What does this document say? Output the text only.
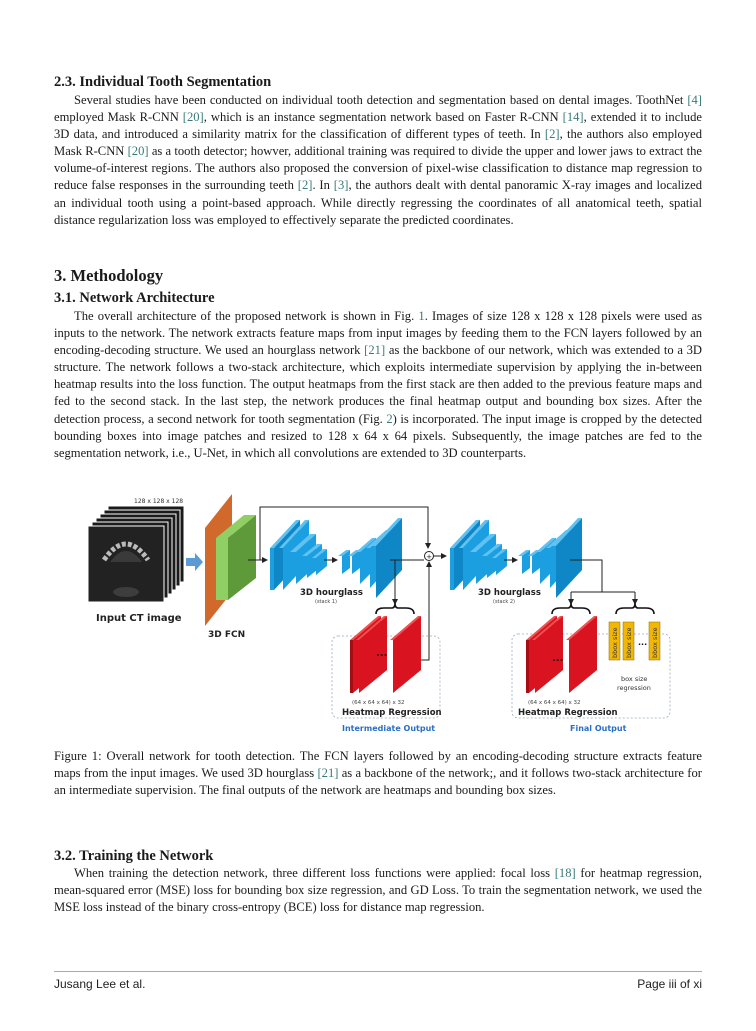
2.3. Individual Tooth Segmentation

Several studies have been conducted on individual tooth detection and segmentation based on dental images. ToothNet [4] employed Mask R-CNN [20], which is an instance segmentation network based on Faster R-CNN [14], extended it to include 3D data, and introduced a similarity matrix for the classification of different types of teeth. In [2], the authors also employed Mask R-CNN [20] as a tooth detector; howver, additional training was required to divide the upper and lower jaws to extract the volume-of-interest regions. The authors also proposed the conversion of pixel-wise classification to distance map regression to reduce false responses in the surrounding teeth [2]. In [3], the authors dealt with dental panoramic X-ray images and localized an individual tooth using a point-based approach. While directly regressing the coordinates of all anatomical teeth, spatial distance regularization loss was employed to effectively separate the predicted coordinates.

3. Methodology
3.1. Network Architecture

The overall architecture of the proposed network is shown in Fig. 1. Images of size 128 x 128 x 128 pixels were used as inputs to the network. The network extracts feature maps from input images by feeding them to the FCN layers followed by an encoding-decoding structure. We used an hourglass network [21] as the backbone of our network, which was extended to a 3D structure. The network follows a two-stack architecture, which exploits intermediate supervision by applying the in-between heatmap results into the loss function. The output heatmaps from the first stack are then added to the previous feature maps and fed to the second stack. In the last step, the network produces the final heatmap output and bounding box sizes. After the detection process, a second network for tooth segmentation (Fig. 2) is incorporated. The input image is cropped by the detected bounding boxes into image patches and resized to 128 x 64 x 64 pixels. Subsequently, the image patches are fed to the segmentation network, i.e., U-Net, in which all convolutions are extended to 3D counterparts.

Figure 1: Overall network for tooth detection. The FCN layers followed by an encoding-decoding structure extracts feature maps from the input images. We used 3D hourglass [21] as a backbone of the network;, and it follows two-stack architecture for an intermediate supervision. The final outputs of the network are heatmaps and bounding box sizes.

3.2. Training the Network

When training the detection network, three different loss functions were applied: focal loss [18] for heatmap regression, mean-squared error (MSE) loss for bounding box size regression, and GD Loss. To train the segmentation network, we used the MSE loss instead of the binary cross-entropy (BCE) loss for distance map regression.

128 x 128 x 128
Input CT image
3D FCN
3D hourglass
(stack 1)
+
3D hourglass
(stack 2)
...
(64 x 64 x 64) x 32
Heatmap Regression
Intermediate Output
...
(64 x 64 x 64) x 32
Heatmap Regression
Final Output
bbox size bbox size ... bbox size
box size
regression
Jusang Lee et al.	Page iii of xi
